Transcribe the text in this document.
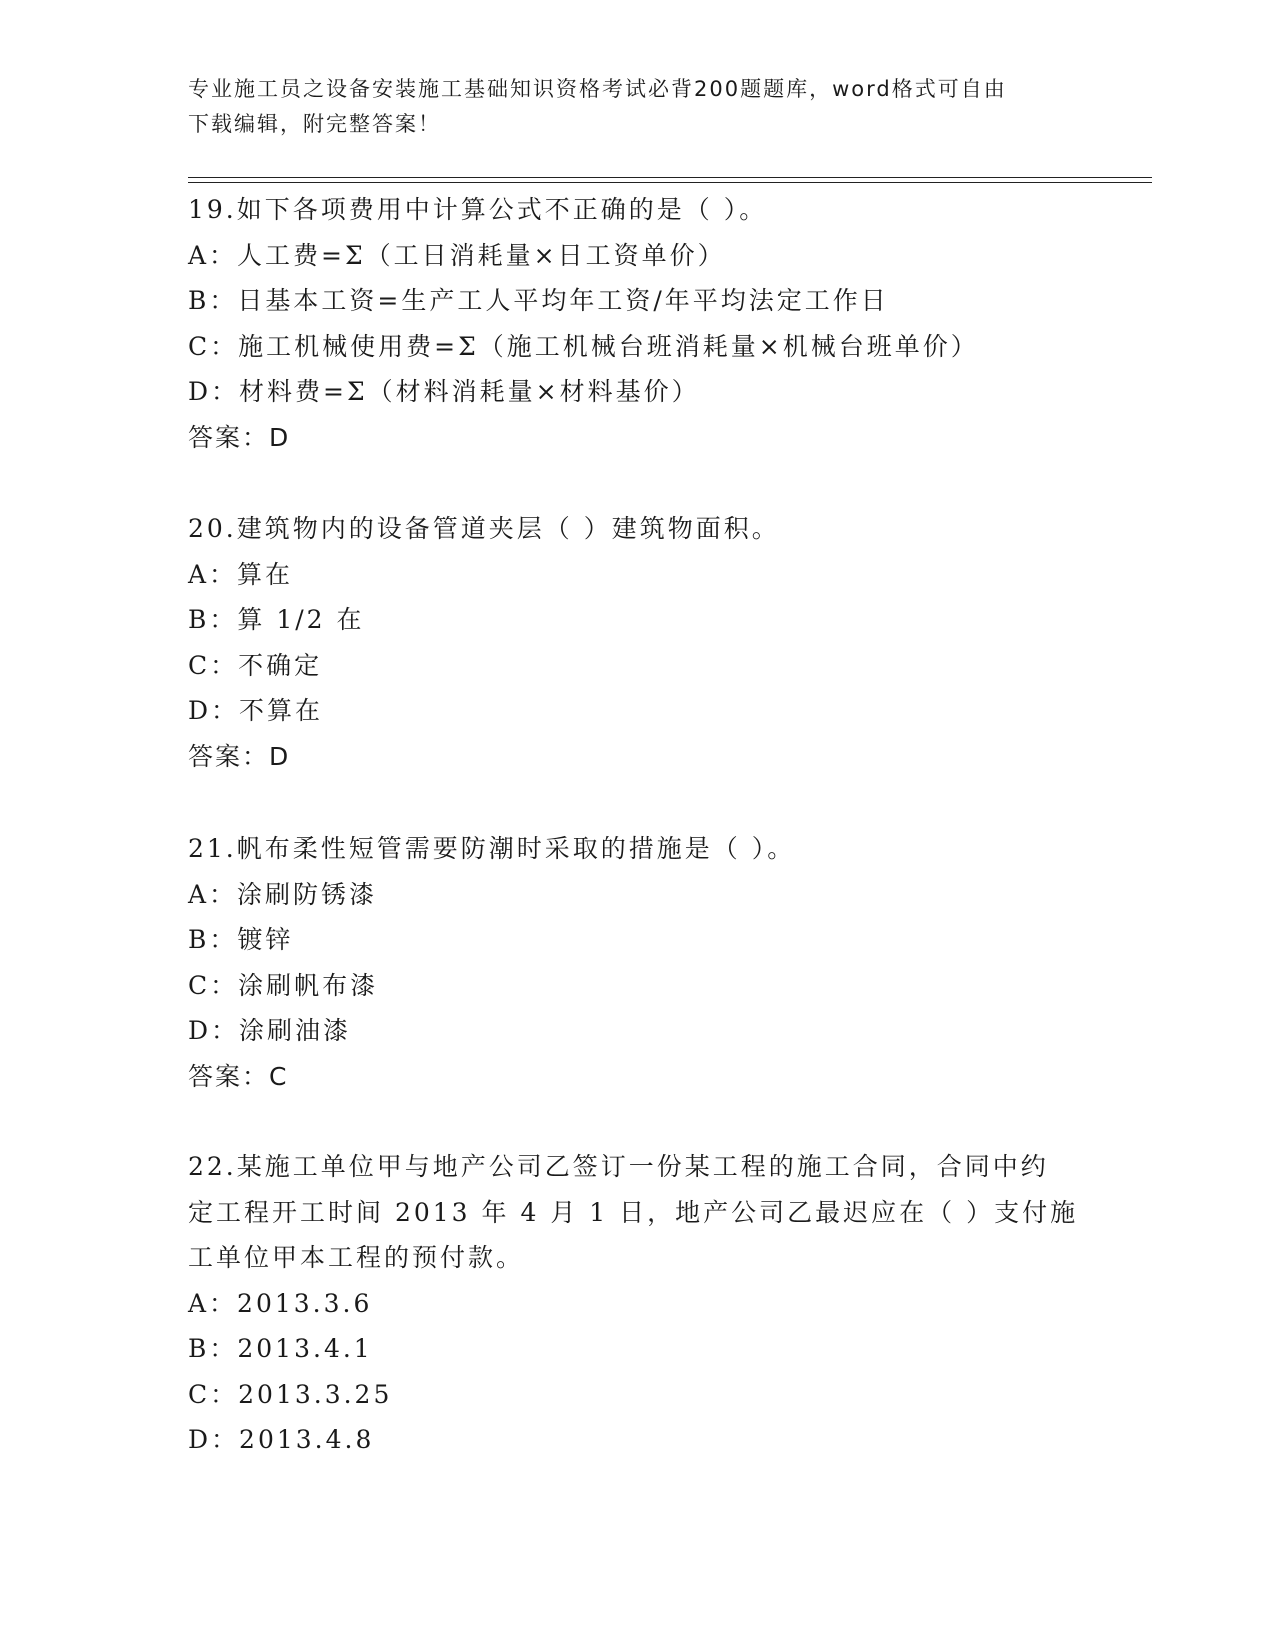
专业施工员之设备安装施工基础知识资格考试必背200题题库，word格式可自由
下载编辑，附完整答案！
19.如下各项费用中计算公式不正确的是（ ）。
A：人工费=Σ（工日消耗量×日工资单价）
B：日基本工资=生产工人平均年工资/年平均法定工作日
C：施工机械使用费=Σ（施工机械台班消耗量×机械台班单价）
D：材料费=Σ（材料消耗量×材料基价）
答案：D
20.建筑物内的设备管道夹层（ ）建筑物面积。
A：算在
B：算 1/2 在
C：不确定
D：不算在
答案：D
21.帆布柔性短管需要防潮时采取的措施是（ ）。
A：涂刷防锈漆
B：镀锌
C：涂刷帆布漆
D：涂刷油漆
答案：C
22.某施工单位甲与地产公司乙签订一份某工程的施工合同，合同中约
定工程开工时间 2013 年 4 月 1 日，地产公司乙最迟应在（ ）支付施
工单位甲本工程的预付款。
A：2013.3.6
B：2013.4.1
C：2013.3.25
D：2013.4.8
